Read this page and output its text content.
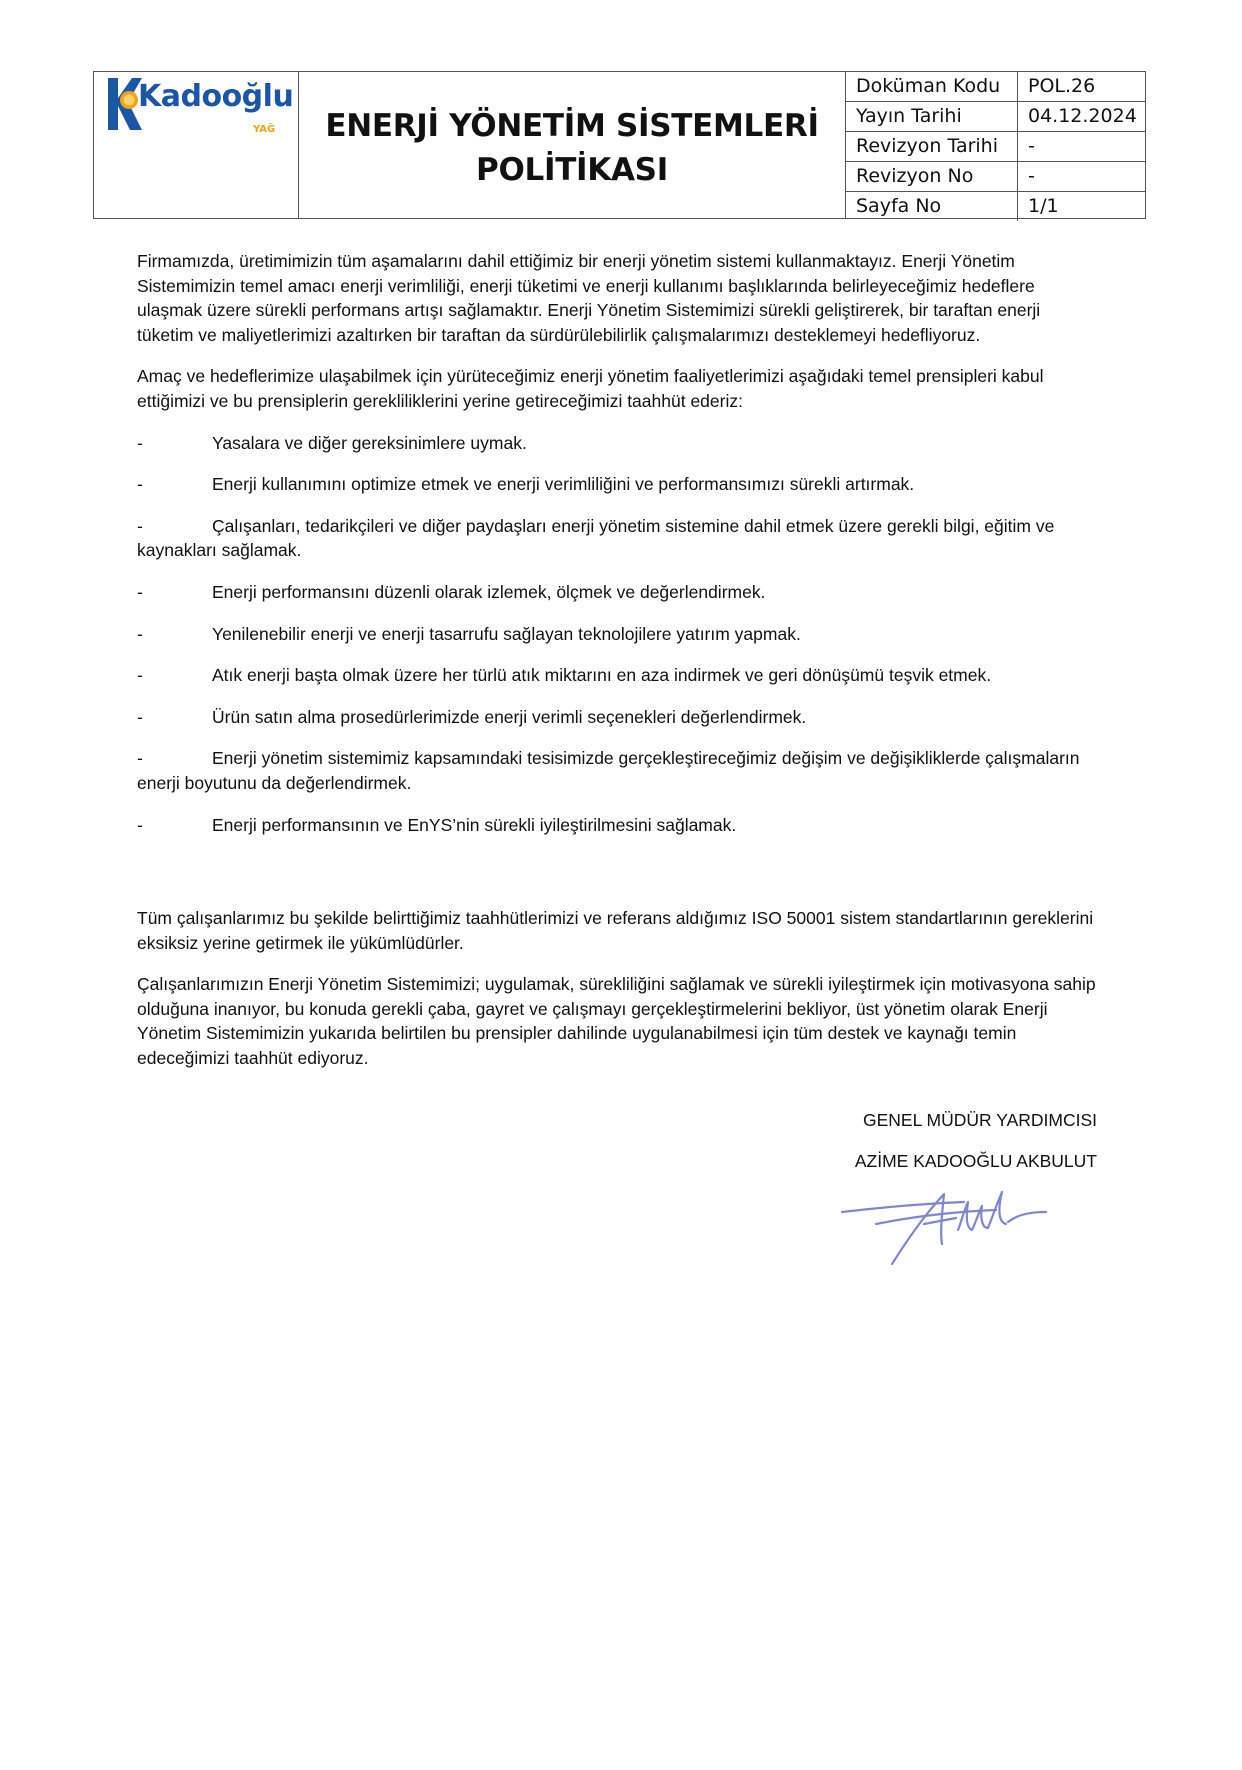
Kadooğlu
YAĞ ENERJİ YÖNETİM SİSTEMLERİ
POLİTİKASI
Doküman Kodu	POL.26
Yayın Tarihi	04.12.2024
Revizyon Tarihi	-
Revizyon No	-
Sayfa No	1/1

Firmamızda, üretimimizin tüm aşamalarını dahil ettiğimiz bir enerji yönetim sistemi kullanmaktayız. Enerji Yönetim Sistemimizin temel amacı enerji verimliliği, enerji tüketimi ve enerji kullanımı başlıklarında belirleyeceğimiz hedeflere ulaşmak üzere sürekli performans artışı sağlamaktır. Enerji Yönetim Sistemimizi sürekli geliştirerek, bir taraftan enerji tüketim ve maliyetlerimizi azaltırken bir taraftan da sürdürülebilirlik çalışmalarımızı desteklemeyi hedefliyoruz.

Amaç ve hedeflerimize ulaşabilmek için yürüteceğimiz enerji yönetim faaliyetlerimizi aşağıdaki temel prensipleri kabul ettiğimizi ve bu prensiplerin gerekliliklerini yerine getireceğimizi taahhüt ederiz:

-	Yasalara ve diğer gereksinimlere uymak.

-	Enerji kullanımını optimize etmek ve enerji verimliliğini ve performansımızı sürekli artırmak.

-	Çalışanları, tedarikçileri ve diğer paydaşları enerji yönetim sistemine dahil etmek üzere gerekli bilgi, eğitim ve kaynakları sağlamak.

-	Enerji performansını düzenli olarak izlemek, ölçmek ve değerlendirmek.

-	Yenilenebilir enerji ve enerji tasarrufu sağlayan teknolojilere yatırım yapmak.

-	Atık enerji başta olmak üzere her türlü atık miktarını en aza indirmek ve geri dönüşümü teşvik etmek.

-	Ürün satın alma prosedürlerimizde enerji verimli seçenekleri değerlendirmek.

-	Enerji yönetim sistemimiz kapsamındaki tesisimizde gerçekleştireceğimiz değişim ve değişikliklerde çalışmaların enerji boyutunu da değerlendirmek.

-	Enerji performansının ve EnYS’nin sürekli iyileştirilmesini sağlamak.

Tüm çalışanlarımız bu şekilde belirttiğimiz taahhütlerimizi ve referans aldığımız ISO 50001 sistem standartlarının gereklerini eksiksiz yerine getirmek ile yükümlüdürler.

Çalışanlarımızın Enerji Yönetim Sistemimizi; uygulamak, sürekliliğini sağlamak ve sürekli iyileştirmek için motivasyona sahip olduğuna inanıyor, bu konuda gerekli çaba, gayret ve çalışmayı gerçekleştirmelerini bekliyor, üst yönetim olarak Enerji Yönetim Sistemimizin yukarıda belirtilen bu prensipler dahilinde uygulanabilmesi için tüm destek ve kaynağı temin edeceğimizi taahhüt ediyoruz.

GENEL MÜDÜR YARDIMCISI
AZİME KADOOĞLU AKBULUT
